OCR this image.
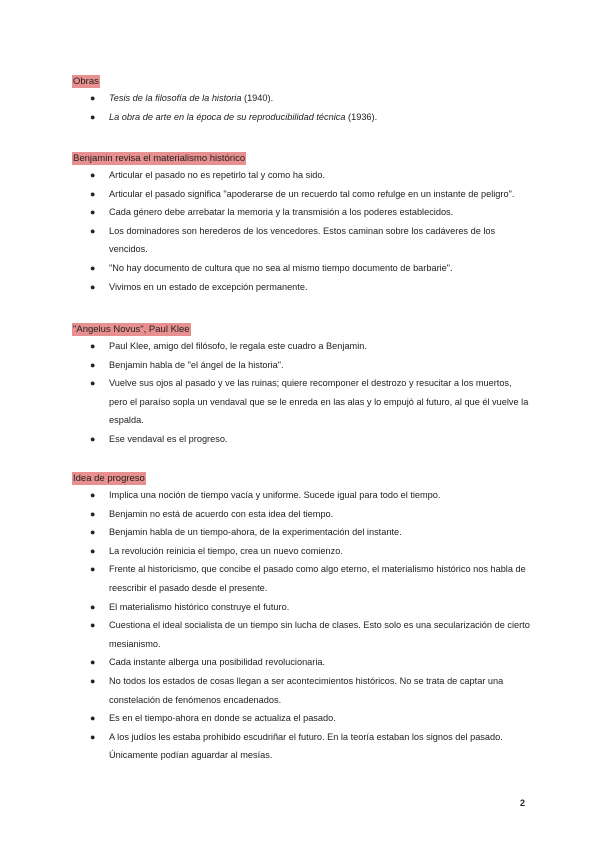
Obras
● Tesis de la filosofía de la historia (1940).
● La obra de arte en la época de su reproducibilidad técnica (1936).
Benjamin revisa el materialismo histórico
● Articular el pasado no es repetirlo tal y como ha sido.
● Articular el pasado significa "apoderarse de un recuerdo tal como refulge en un instante de peligro".
● Cada género debe arrebatar la memoria y la transmisión a los poderes establecidos.
● Los dominadores son herederos de los vencedores. Estos caminan sobre los cadáveres de los vencidos.
● "No hay documento de cultura que no sea al mismo tiempo documento de barbarie".
● Vivimos en un estado de excepción permanente.
"Angelus Novus", Paul Klee
● Paul Klee, amigo del filósofo, le regala este cuadro a Benjamin.
● Benjamin habla de "el ángel de la historia".
● Vuelve sus ojos al pasado y ve las ruinas; quiere recomponer el destrozo y resucitar a los muertos, pero el paraíso sopla un vendaval que se le enreda en las alas y lo empujó al futuro, al que él vuelve la espalda.
● Ese vendaval es el progreso.
Idea de progreso
● Implica una noción de tiempo vacía y uniforme. Sucede igual para todo el tiempo.
● Benjamin no está de acuerdo con esta idea del tiempo.
● Benjamin habla de un tiempo-ahora, de la experimentación del instante.
● La revolución reinicia el tiempo, crea un nuevo comienzo.
● Frente al historicismo, que concibe el pasado como algo eterno, el materialismo histórico nos habla de reescribir el pasado desde el presente.
● El materialismo histórico construye el futuro.
● Cuestiona el ideal socialista de un tiempo sin lucha de clases. Esto solo es una secularización de cierto mesianismo.
● Cada instante alberga una posibilidad revolucionaria.
● No todos los estados de cosas llegan a ser acontecimientos históricos. No se trata de captar una constelación de fenómenos encadenados.
● Es en el tiempo-ahora en donde se actualiza el pasado.
● A los judíos les estaba prohibido escudriñar el futuro. En la teoría estaban los signos del pasado. Únicamente podían aguardar al mesías.
2
